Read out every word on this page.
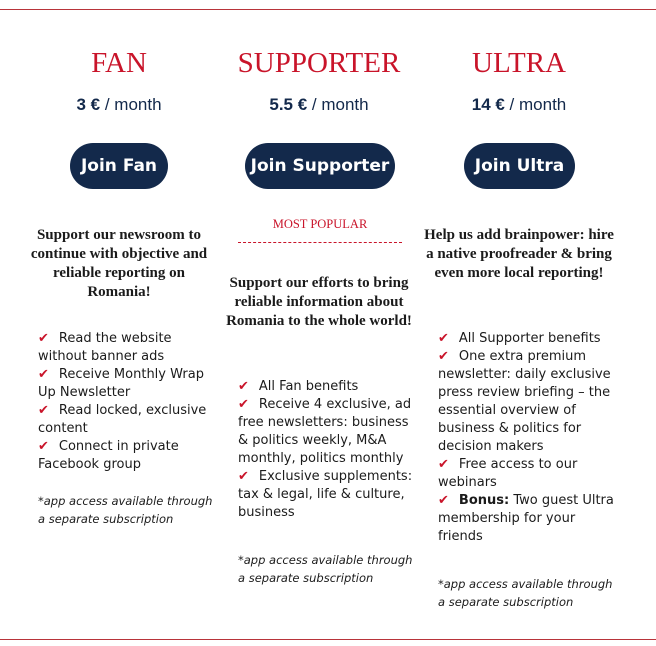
FAN
3 € / month
Join Fan
Support our newsroom to continue with objective and reliable reporting on Romania!
✔ Read the website without banner ads
✔ Receive Monthly Wrap Up Newsletter
✔ Read locked, exclusive content
✔ Connect in private Facebook group
*app access available through a separate subscription
SUPPORTER
5.5 € / month
Join Supporter
MOST POPULAR
Support our efforts to bring reliable information about Romania to the whole world!
✔ All Fan benefits
✔ Receive 4 exclusive, ad free newsletters: business & politics weekly, M&A monthly, politics monthly
✔ Exclusive supplements: tax & legal, life & culture, business
*app access available through a separate subscription
ULTRA
14 € / month
Join Ultra
Help us add brainpower: hire a native proofreader & bring even more local reporting!
✔ All Supporter benefits
✔ One extra premium newsletter: daily exclusive press review briefing – the essential overview of business & politics for decision makers
✔ Free access to our webinars
✔ Bonus: Two guest Ultra membership for your friends
*app access available through a separate subscription
